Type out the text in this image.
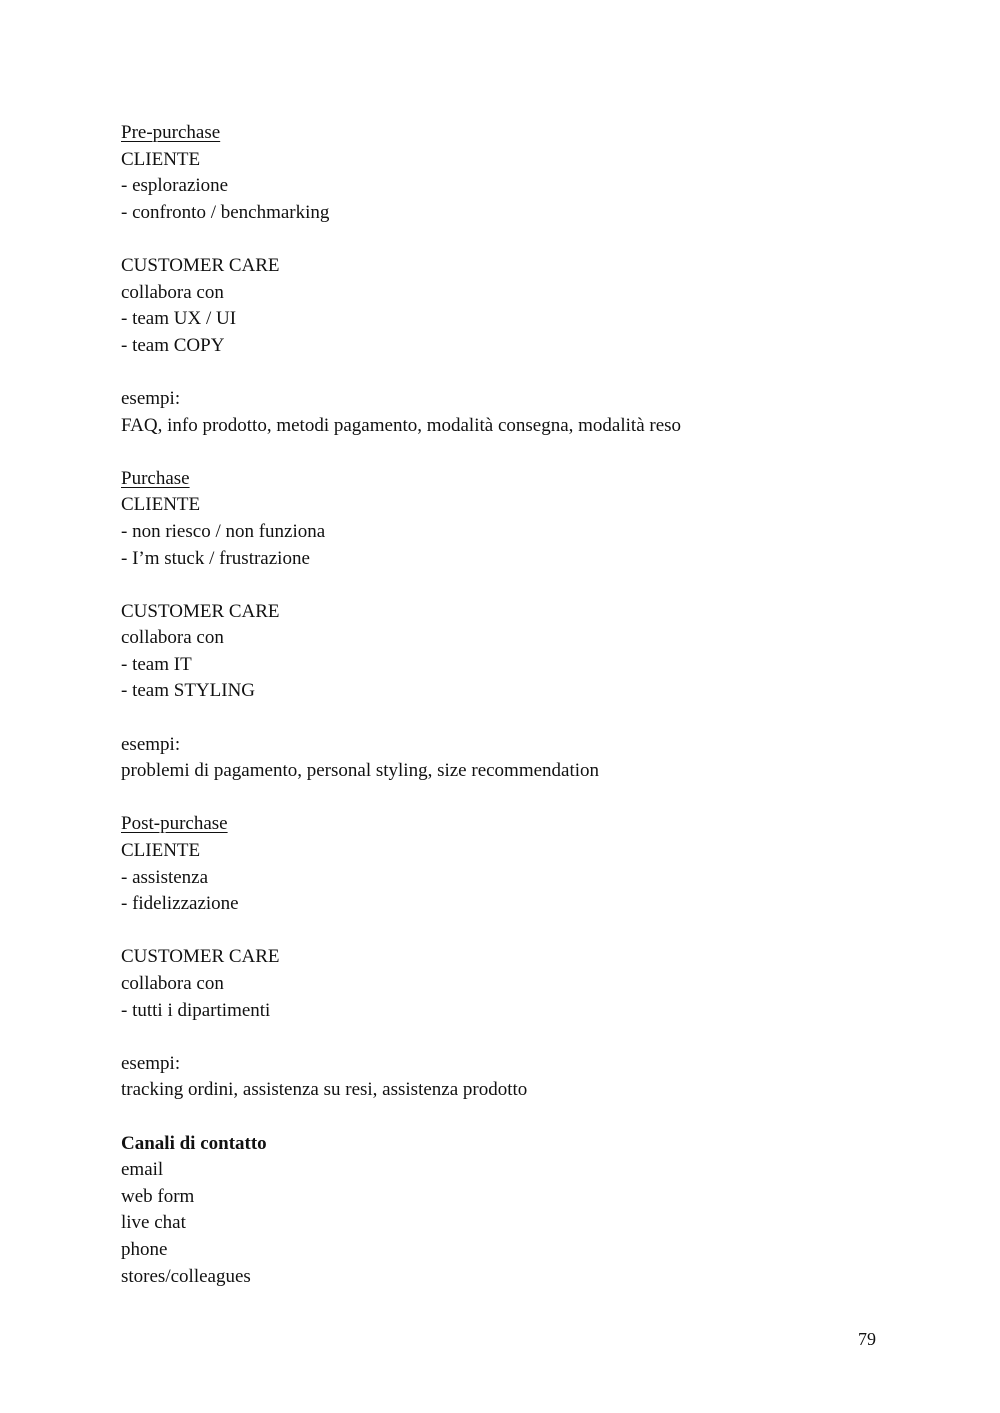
Pre-purchase
CLIENTE
- esplorazione
- confronto / benchmarking
CUSTOMER CARE
collabora con
- team UX / UI
- team COPY
esempi:
FAQ, info prodotto, metodi pagamento, modalità consegna, modalità reso
Purchase
CLIENTE
- non riesco / non funziona
- I’m stuck / frustrazione
CUSTOMER CARE
collabora con
- team IT
- team STYLING
esempi:
problemi di pagamento, personal styling, size recommendation
Post-purchase
CLIENTE
- assistenza
- fidelizzazione
CUSTOMER CARE
collabora con
- tutti i dipartimenti
esempi:
tracking ordini, assistenza su resi, assistenza prodotto
Canali di contatto
email
web form
live chat
phone
stores/colleagues
79
